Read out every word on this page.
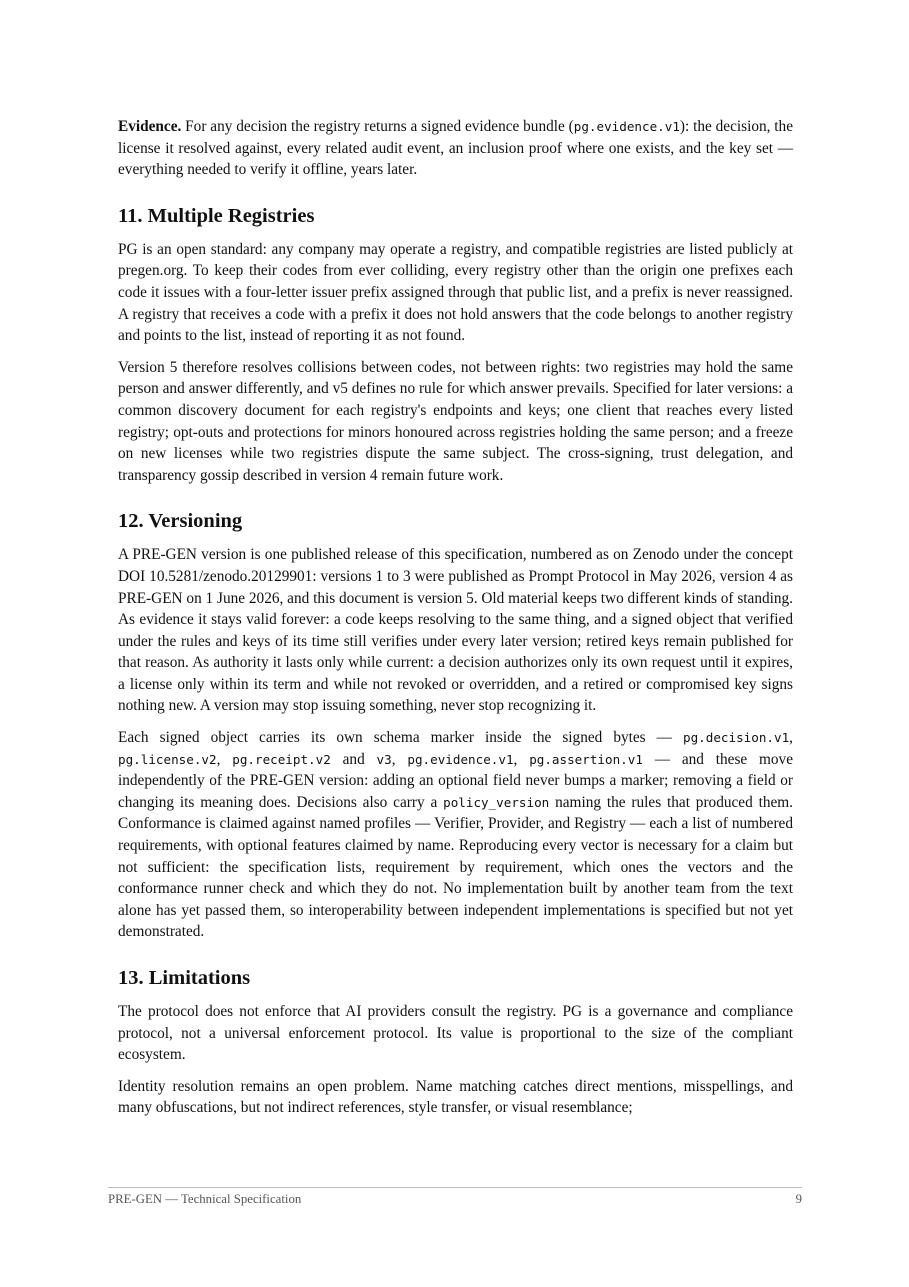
Evidence. For any decision the registry returns a signed evidence bundle (pg.evidence.v1): the decision, the license it resolved against, every related audit event, an inclusion proof where one exists, and the key set — everything needed to verify it offline, years later.

11. Multiple Registries

PG is an open standard: any company may operate a registry, and compatible registries are listed publicly at pregen.org. To keep their codes from ever colliding, every registry other than the origin one prefixes each code it issues with a four-letter issuer prefix assigned through that public list, and a prefix is never reassigned. A registry that receives a code with a prefix it does not hold answers that the code belongs to another registry and points to the list, instead of reporting it as not found.

Version 5 therefore resolves collisions between codes, not between rights: two registries may hold the same person and answer differently, and v5 defines no rule for which answer prevails. Specified for later versions: a common discovery document for each registry's endpoints and keys; one client that reaches every listed registry; opt-outs and protections for minors honoured across registries holding the same person; and a freeze on new licenses while two registries dispute the same subject. The cross-signing, trust delegation, and transparency gossip described in version 4 remain future work.

12. Versioning

A PRE-GEN version is one published release of this specification, numbered as on Zenodo under the concept DOI 10.5281/zenodo.20129901: versions 1 to 3 were published as Prompt Protocol in May 2026, version 4 as PRE-GEN on 1 June 2026, and this document is version 5. Old material keeps two different kinds of standing. As evidence it stays valid forever: a code keeps resolving to the same thing, and a signed object that verified under the rules and keys of its time still verifies under every later version; retired keys remain published for that reason. As authority it lasts only while current: a decision authorizes only its own request until it expires, a license only within its term and while not revoked or overridden, and a retired or compromised key signs nothing new. A version may stop issuing something, never stop recognizing it.

Each signed object carries its own schema marker inside the signed bytes — pg.decision.v1, pg.license.v2, pg.receipt.v2 and v3, pg.evidence.v1, pg.assertion.v1 — and these move independently of the PRE-GEN version: adding an optional field never bumps a marker; removing a field or changing its meaning does. Decisions also carry a policy_version naming the rules that produced them. Conformance is claimed against named profiles — Verifier, Provider, and Registry — each a list of numbered requirements, with optional features claimed by name. Reproducing every vector is necessary for a claim but not sufficient: the specification lists, requirement by requirement, which ones the vectors and the conformance runner check and which they do not. No implementation built by another team from the text alone has yet passed them, so interoperability between independent implementations is specified but not yet demonstrated.

13. Limitations

The protocol does not enforce that AI providers consult the registry. PG is a governance and compliance protocol, not a universal enforcement protocol. Its value is proportional to the size of the compliant ecosystem.

Identity resolution remains an open problem. Name matching catches direct mentions, misspellings, and many obfuscations, but not indirect references, style transfer, or visual resemblance;

PRE-GEN — Technical Specification	9
